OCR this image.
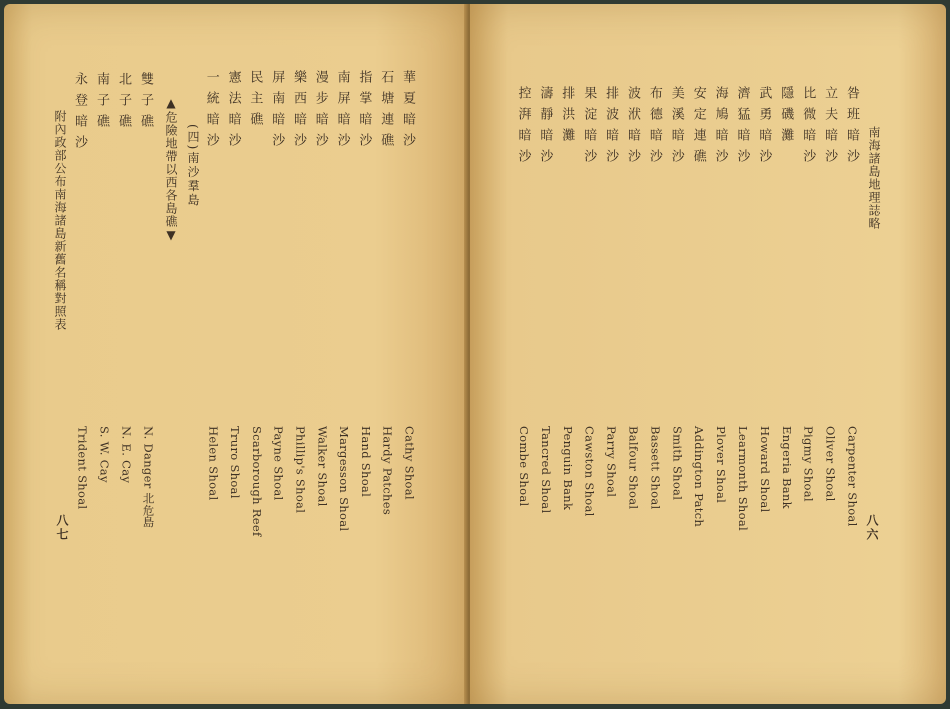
南海諸島地理誌略
八六
咎班暗沙
立夫暗沙
比微暗沙
隱磯灘
武勇暗沙
濟猛暗沙
海鳩暗沙
安定連礁
美溪暗沙
布德暗沙
波洑暗沙
排波暗沙
果淀暗沙
排洪灘
濤靜暗沙
控湃暗沙
Carpenter Shoal
Oliver Shoal
Pigmy Shoal
Engeria Bank
Howard Shoal
Learmonth Shoal
Plover Shoal
Addington Patch
Smith Shoal
Bassett Shoal
Balfour Shoal
Parry Shoal
Cawston Shoal
Penguin Bank
Tancred Shoal
Combe Shoal
華夏暗沙
石塘連礁
指掌暗沙
南屏暗沙
漫步暗沙
樂西暗沙
屏南暗沙
民主礁
憲法暗沙
一統暗沙
Cathy Shoal
Hardy Patches
Hand Shoal
Margesson Shoal
Walker Shoal
Phillip's Shoal
Payne Shoal
Scarborough Reef
Truro Shoal
Helen Shoal
(四)南沙羣島
▲危險地帶以西各島礁▼
雙子礁
北子礁
南子礁
永登暗沙
N. Danger 北危島
N. E. Cay
S. W. Cay
Trident Shoal
附內政部公布南海諸島新舊名稱對照表
八七
